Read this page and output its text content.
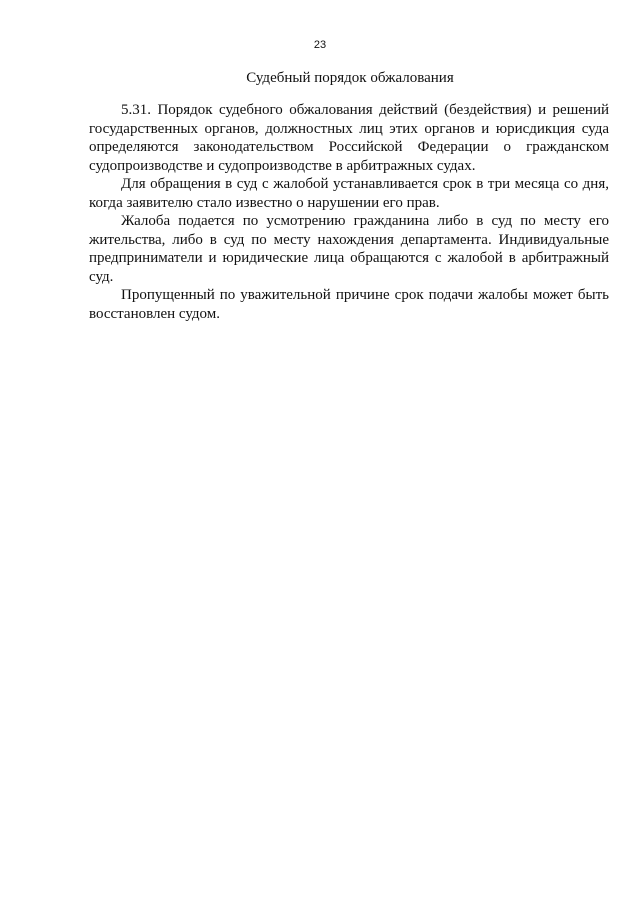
23
Судебный порядок обжалования

5.31. Порядок судебного обжалования действий (бездействия) и решений государственных органов, должностных лиц этих органов и юрисдикция суда определяются законодательством Российской Федерации о гражданском судопроизводстве и судопроизводстве в арбитражных судах.

Для обращения в суд с жалобой устанавливается срок в три месяца со дня, когда заявителю стало известно о нарушении его прав.

Жалоба подается по усмотрению гражданина либо в суд по месту его жительства, либо в суд по месту нахождения департамента. Индивидуальные предприниматели и юридические лица обращаются с жалобой в арбитражный суд.

Пропущенный по уважительной причине срок подачи жалобы может быть восстановлен судом.
